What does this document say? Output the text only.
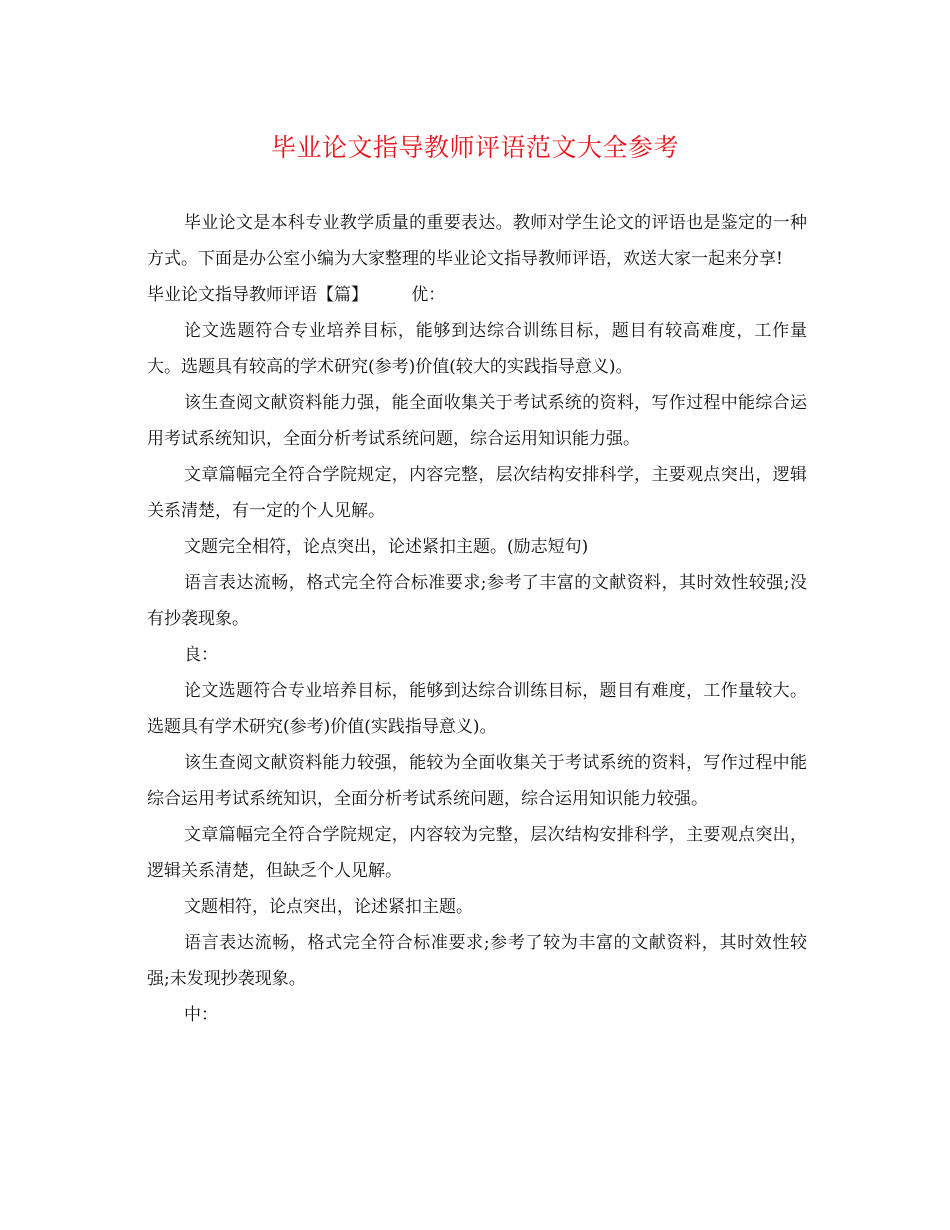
毕业论文指导教师评语范文大全参考

毕业论文是本科专业教学质量的重要表达。教师对学生论文的评语也是鉴定的一种方式。下面是办公室小编为大家整理的毕业论文指导教师评语，欢送大家一起来分享!

毕业论文指导教师评语【篇】	优：

论文选题符合专业培养目标，能够到达综合训练目标，题目有较高难度，工作量大。选题具有较高的学术研究(参考)价值(较大的实践指导意义)。

该生查阅文献资料能力强，能全面收集关于考试系统的资料，写作过程中能综合运用考试系统知识，全面分析考试系统问题，综合运用知识能力强。

文章篇幅完全符合学院规定，内容完整，层次结构安排科学，主要观点突出，逻辑关系清楚，有一定的个人见解。

文题完全相符，论点突出，论述紧扣主题。(励志短句)

语言表达流畅，格式完全符合标准要求;参考了丰富的文献资料，其时效性较强;没有抄袭现象。

良：

论文选题符合专业培养目标，能够到达综合训练目标，题目有难度，工作量较大。选题具有学术研究(参考)价值(实践指导意义)。

该生查阅文献资料能力较强，能较为全面收集关于考试系统的资料，写作过程中能综合运用考试系统知识，全面分析考试系统问题，综合运用知识能力较强。

文章篇幅完全符合学院规定，内容较为完整，层次结构安排科学，主要观点突出，逻辑关系清楚，但缺乏个人见解。

文题相符，论点突出，论述紧扣主题。

语言表达流畅，格式完全符合标准要求;参考了较为丰富的文献资料，其时效性较强;未发现抄袭现象。

中：
